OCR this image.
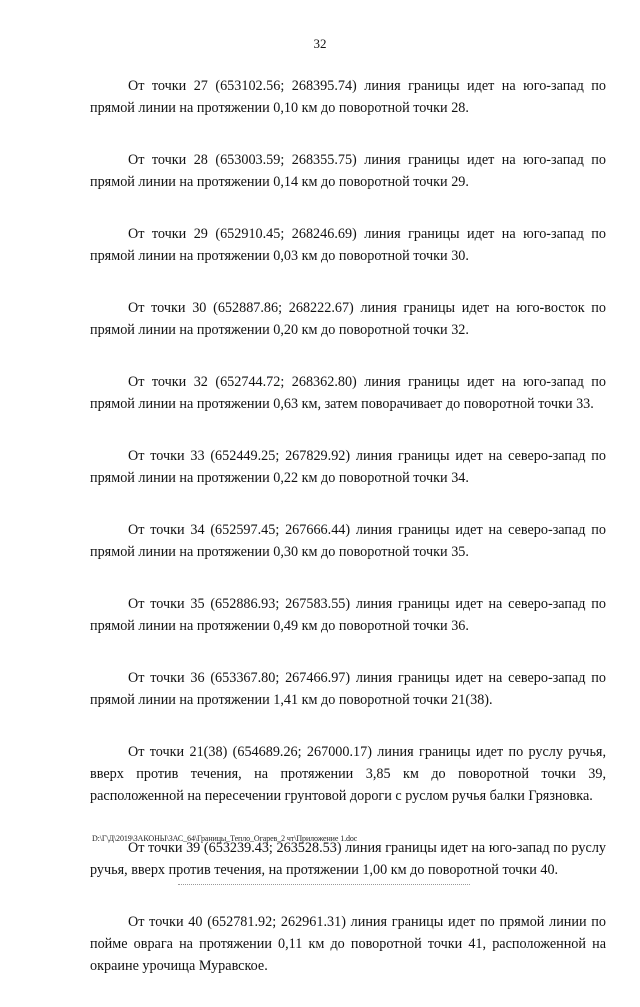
32

От точки 27 (653102.56; 268395.74) линия границы идет на юго-запад по прямой линии на протяжении 0,10 км до поворотной точки 28.

От точки 28 (653003.59; 268355.75) линия границы идет на юго-запад по прямой линии на протяжении 0,14 км до поворотной точки 29.

От точки 29 (652910.45; 268246.69) линия границы идет на юго-запад по прямой линии на протяжении 0,03 км до поворотной точки 30.

От точки 30 (652887.86; 268222.67) линия границы идет на юго-восток по прямой линии на протяжении 0,20 км до поворотной точки 32.

От точки 32 (652744.72; 268362.80) линия границы идет на юго-запад по прямой линии на протяжении 0,63 км, затем поворачивает до поворотной точки 33.

От точки 33 (652449.25; 267829.92) линия границы идет на северо-запад по прямой линии на протяжении 0,22 км до поворотной точки 34.

От точки 34 (652597.45; 267666.44) линия границы идет на северо-запад по прямой линии на протяжении 0,30 км до поворотной точки 35.

От точки 35 (652886.93; 267583.55) линия границы идет на северо-запад по прямой линии на протяжении 0,49 км до поворотной точки 36.

От точки 36 (653367.80; 267466.97) линия границы идет на северо-запад по прямой линии на протяжении 1,41 км до поворотной точки 21(38).

От точки 21(38) (654689.26; 267000.17) линия границы идет по руслу ручья, вверх против течения, на протяжении 3,85 км до поворотной точки 39, расположенной на пересечении грунтовой дороги с руслом ручья балки Грязновка.

От точки 39 (653239.43; 263528.53) линия границы идет на юго-запад по руслу ручья, вверх против течения, на протяжении 1,00 км до поворотной точки 40.

От точки 40 (652781.92; 262961.31) линия границы идет по прямой линии по пойме оврага на протяжении 0,11 км до поворотной точки 41, расположенной на окраине урочища Муравское.

D:\Г\Д\2019\ЗАКОНЫ\ЗАС_64\Границы_Тепло_Огарев_2 чт\Приложение 1.doc
